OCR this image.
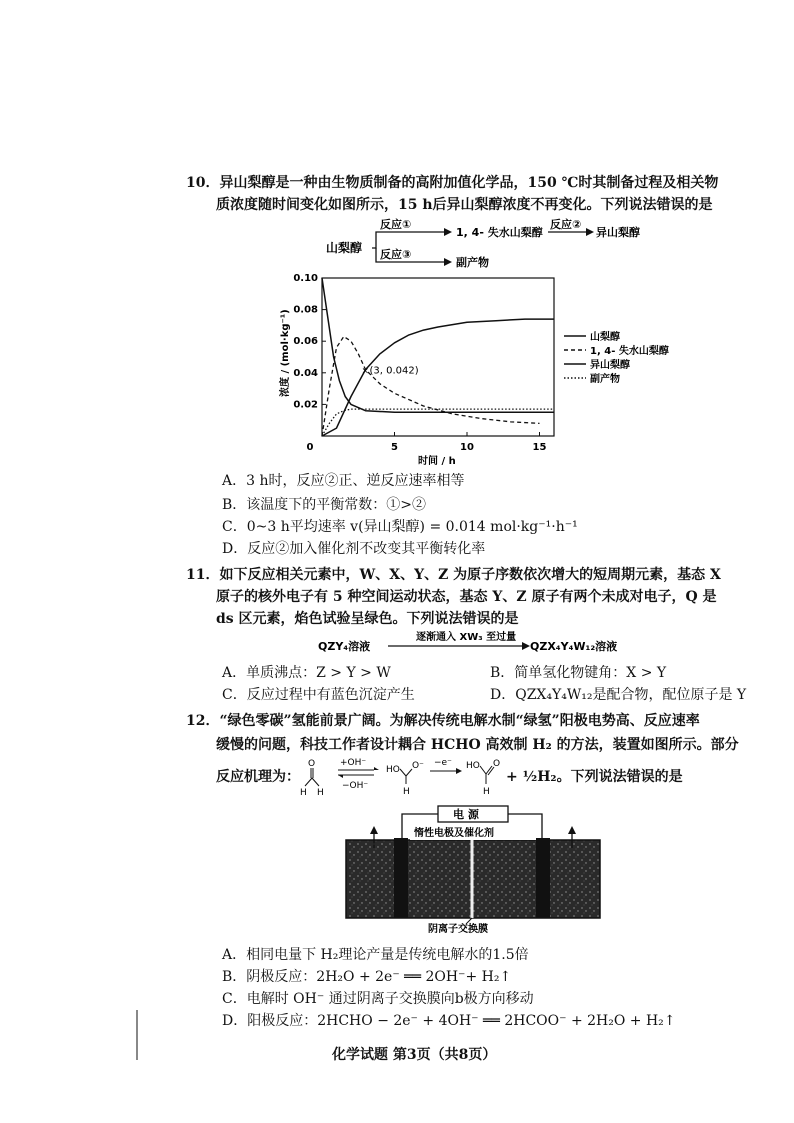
10．异山梨醇是一种由生物质制备的高附加值化学品，150 ℃时其制备过程及相关物
质浓度随时间变化如图所示，15 h后异山梨醇浓度不再变化。下列说法错误的是
山梨醇
反应①
1, 4- 失水山梨醇
反应②
异山梨醇
反应③
副产物
×
0.02
0.04
0.06
0.08
0.10
0	5	10	15
山梨醇
1, 4- 失水山梨醇
异山梨醇
副产物
浓度 / (mol·kg⁻¹)
时间 / h
(3, 0.042)
A．3 h时，反应②正、逆反应速率相等
B．该温度下的平衡常数：①>②
C．0~3 h平均速率 v(异山梨醇) = 0.014 mol·kg⁻¹·h⁻¹
D．反应②加入催化剂不改变其平衡转化率
11．如下反应相关元素中，W、X、Y、Z 为原子序数依次增大的短周期元素，基态 X
原子的核外电子有 5 种空间运动状态，基态 Y、Z 原子有两个未成对电子，Q 是
ds 区元素，焰色试验呈绿色。下列说法错误的是
QZY₄溶液
逐渐通入 XW₃ 至过量
QZX₄Y₄W₁₂溶液
A．单质沸点：Z > Y > W	B．简单氢化物键角：X > Y
C．反应过程中有蓝色沉淀产生	D．QZX₄Y₄W₁₂是配合物，配位原子是 Y
12．“绿色零碳”氢能前景广阔。为解决传统电解水制“绿氢”阳极电势高、反应速率
缓慢的问题，科技工作者设计耦合 HCHO 高效制 H₂ 的方法，装置如图所示。部分
反应机理为：
O
H H
+OH⁻
−OH⁻
HO O⁻
H
−e⁻ HO O
H
+ ½H₂。下列说法错误的是
电 源
惰性电极及催化剂
阴离子交换膜
A．相同电量下 H₂理论产量是传统电解水的1.5倍
B．阴极反应：2H₂O + 2e⁻ ══ 2OH⁻+ H₂↑
C．电解时 OH⁻ 通过阴离子交换膜向b极方向移动
D．阳极反应：2HCHO − 2e⁻ + 4OH⁻ ══ 2HCOO⁻ + 2H₂O + H₂↑
化学试题 第3页（共8页）
